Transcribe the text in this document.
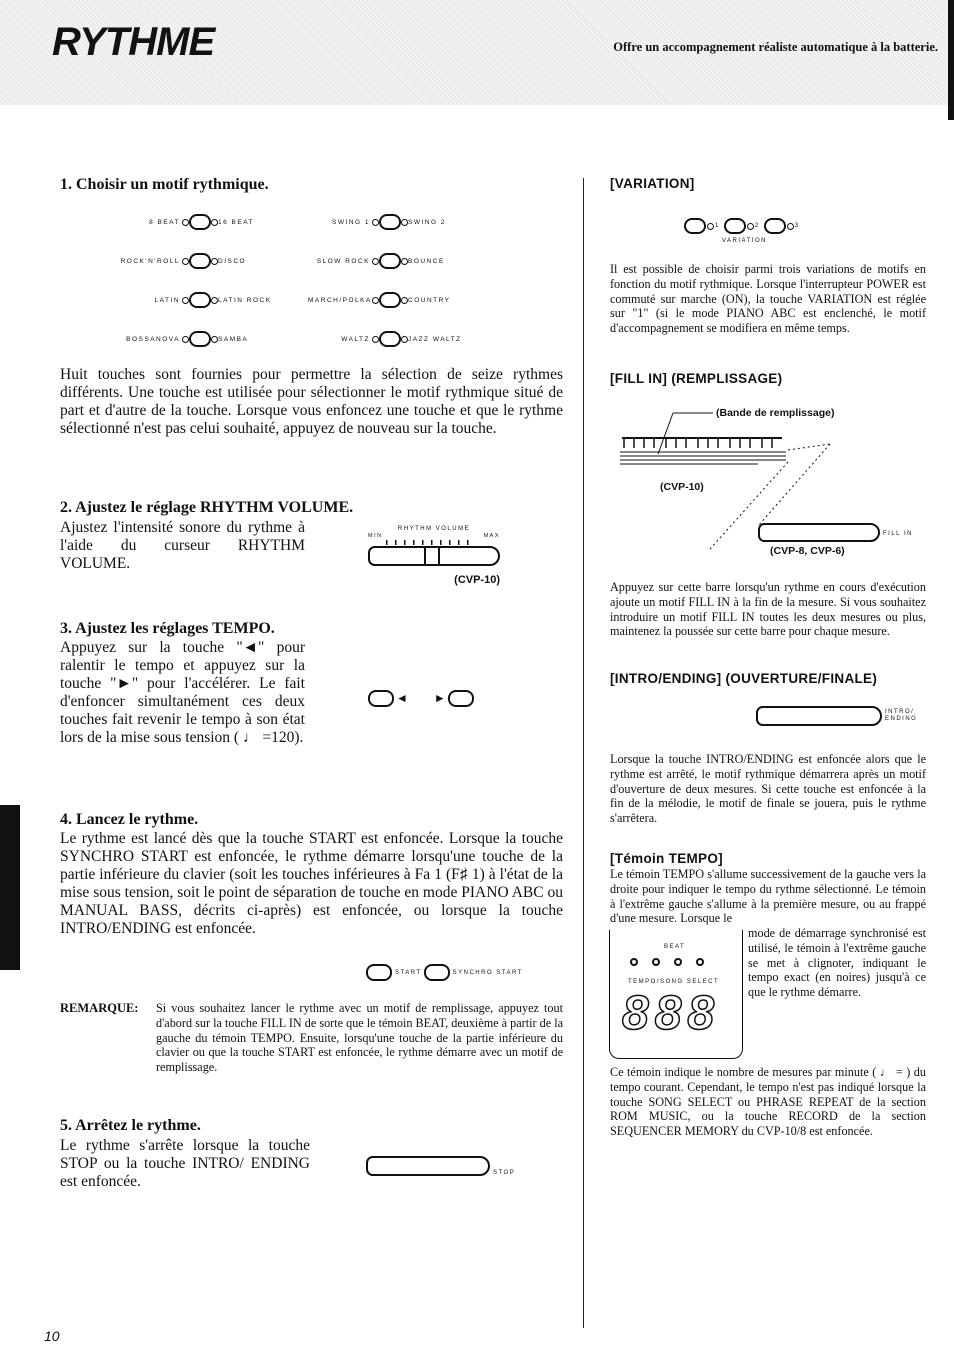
RYTHME	Offre un accompagnement réaliste automatique à la batterie.
1. Choisir un motif rythmique.
8 BEAT	16 BEAT	SWING 1	SWING 2
ROCK'N'ROLL	DISCO	SLOW ROCK	BOUNCE
LATIN	LATIN ROCK	MARCH/POLKA	COUNTRY
BOSSANOVA	SAMBA	WALTZ	JAZZ WALTZ
Huit touches sont fournies pour permettre la sélection de seize rythmes différents. Une touche est utilisée pour sélectionner le motif rythmique situé de part et d'autre de la touche. Lorsque vous enfoncez une touche et que le rythme sélectionné n'est pas celui souhaité, appuyez de nouveau sur la touche.
2. Ajustez le réglage RHYTHM VOLUME.
Ajustez l'intensité sonore du rythme à l'aide du curseur RHYTHM VOLUME.
RHYTHM VOLUME
MIN	MAX
(CVP-10)
3. Ajustez les réglages TEMPO.
Appuyez sur la touche "◄" pour ralentir le tempo et appuyez sur la touche "►" pour l'accélérer. Le fait d'enfoncer simultanément ces deux touches fait revenir le tempo à son état lors de la mise sous tension ( ♩ =120).
◄ ►
4. Lancez le rythme.
Le rythme est lancé dès que la touche START est enfoncée. Lorsque la touche SYNCHRO START est enfoncée, le rythme démarre lorsqu'une touche de la partie inférieure du clavier (soit les touches inférieures à Fa 1 (F♯ 1) à l'état de la mise sous tension, soit le point de séparation de touche en mode PIANO ABC ou MANUAL BASS, décrits ci-après) est enfoncée, ou lorsque la touche INTRO/ENDING est enfoncée.
START	SYNCHRO START
REMARQUE:	Si vous souhaitez lancer le rythme avec un motif de remplissage, appuyez tout d'abord sur la touche FILL IN de sorte que le témoin BEAT, deuxième à partir de la gauche du témoin TEMPO. Ensuite, lorsqu'une touche de la partie inférieure du clavier ou que la touche START est enfoncée, le rythme démarre avec un motif de remplissage.
5. Arrêtez le rythme.
Le rythme s'arrête lorsque la touche STOP ou la touche INTRO/ ENDING est enfoncée.	STOP
[VARIATION]
1	2	3
VARIATION
Il est possible de choisir parmi trois variations de motifs en fonction du motif rythmique. Lorsque l'interrupteur POWER est commuté sur marche (ON), la touche VARIATION est réglée sur "1" (si le mode PIANO ABC est enclenché, le motif d'accompagnement se modifiera en même temps.
[FILL IN] (REMPLISSAGE)
(Bande de remplissage)
(CVP-10)
FILL IN
(CVP-8, CVP-6)
Appuyez sur cette barre lorsqu'un rythme en cours d'exécution ajoute un motif FILL IN à la fin de la mesure. Si vous souhaitez introduire un motif FILL IN toutes les deux mesures ou plus, maintenez la poussée sur cette barre pour chaque mesure.
[INTRO/ENDING] (OUVERTURE/FINALE)
INTRO/
ENDING
Lorsque la touche INTRO/ENDING est enfoncée alors que le rythme est arrêté, le motif rythmique démarrera après un motif d'ouverture de deux mesures. Si cette touche est enfoncée à la fin de la mélodie, le motif de finale se jouera, puis le rythme s'arrêtera.
[Témoin TEMPO]
Le témoin TEMPO s'allume successivement de la gauche vers la droite pour indiquer le tempo du rythme sélectionné. Le témoin à l'extrême gauche s'allume à la première mesure, ou au frappé d'une mesure. Lorsque le
BEAT
TEMPO/SONG SELECT
888
mode de démarrage synchronisé est utilisé, le témoin à l'extrême gauche se met à clignoter, indiquant le tempo exact (en noires) jusqu'à ce que le rythme démarre.
Ce témoin indique le nombre de mesures par minute ( ♩ = ) du tempo courant. Cependant, le tempo n'est pas indiqué lorsque la touche SONG SELECT ou PHRASE REPEAT de la section ROM MUSIC, ou la touche RECORD de la section SEQUENCER MEMORY du CVP-10/8 est enfoncée.
10
